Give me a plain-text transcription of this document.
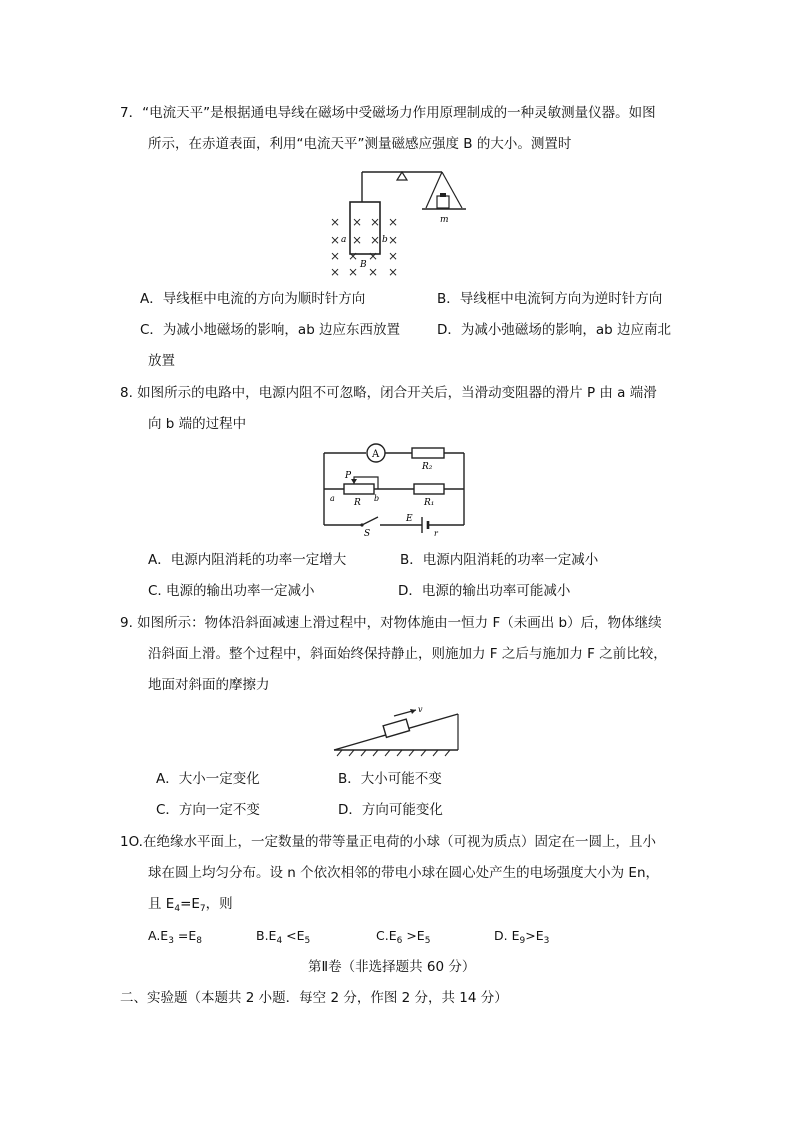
7．“电流天平”是根据通电导线在磁场中受磁场力作用原理制成的一种灵敏测量仪器。如图
所示，在赤道表面，利用“电流天平”测量磁感应强度 B 的大小。测置时
m
× × × ×
×	×
× × × ×
× × × ×
× ×
a	b
B
A．导线框中电流的方向为顺时针方向	B．导线框中电流钶方向为逆时针方向
C．为减小地磁场的影响，ab 边应东西放置	D．为减小弛磁场的影响，ab 边应南北
放置
8. 如图所示的电路中，电源内阻不可忽略，闭合开关后，当滑动变阻器的滑片 P 由 a 端滑
向 b 端的过程中
A
R₂
P
a	b
R	R₁
S
E
r
A．电源内阻消耗的功率一定增大	B．电源内阻消耗的功率一定减小
C. 电源的输出功率一定减小	D．电源的输出功率可能减小
9. 如图所示：物体沿斜面减速上滑过程中，对物体施由一恒力 F（未画出 b）后，物体继续
沿斜面上滑。整个过程中，斜面始终保持静止，则施加力 F 之后与施加力 F 之前比较，
地面对斜面的摩擦力
v
A．大小一定变化	B．大小可能不变
C．方向一定不变	D．方向可能变化
1O.在绝缘水平面上，一定数量的带等量正电荷的小球（可视为质点）固定在一圆上，且小
球在圆上均匀分布。设 n 个依次相邻的带电小球在圆心处产生的电场强度大小为 En，
且 $E_4=E_7$，则
$A.E_3 =E_8$	$B.E_4 <E_5$	$C.E_6 >E_5$	D. $E_9>E_3$
第Ⅱ卷（非选择题共 60 分）
二、实验题（本题共 2 小题．每空 2 分，作图 2 分，共 14 分）
